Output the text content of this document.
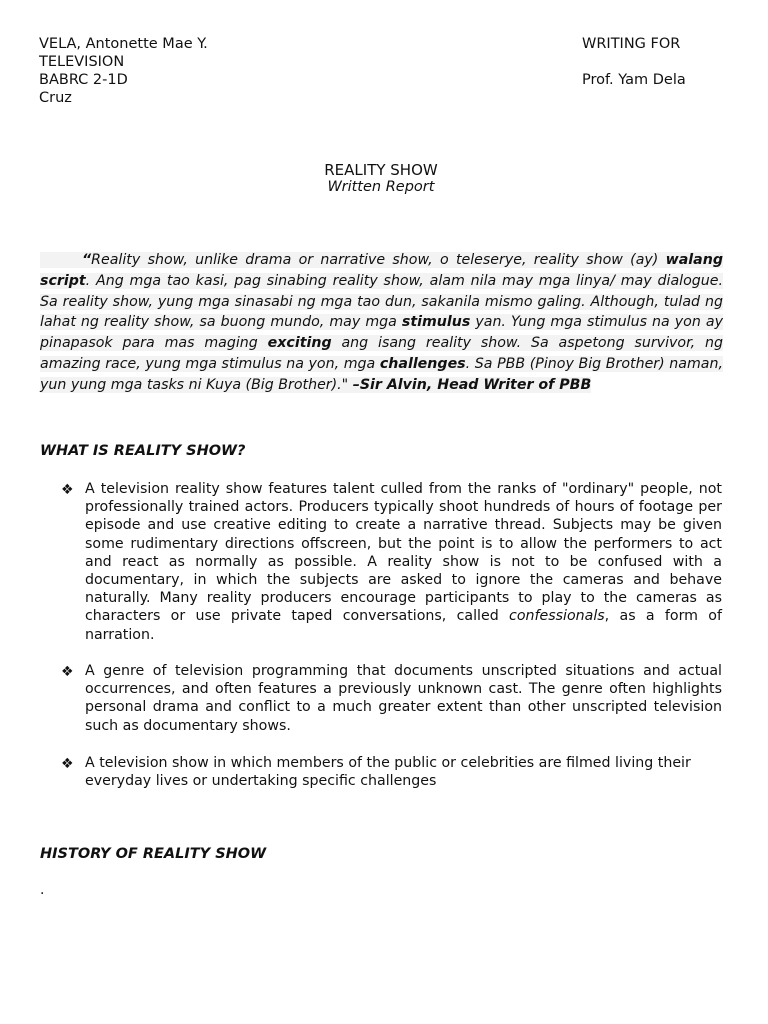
VELA, Antonette Mae Y.	WRITING FOR
TELEVISION
BABRC 2-1D	Prof. Yam Dela
Cruz
REALITY SHOW
Written Report
“Reality show, unlike drama or narrative show, o teleserye, reality show (ay) walang script. Ang mga tao kasi, pag sinabing reality show, alam nila may mga linya/ may dialogue. Sa reality show, yung mga sinasabi ng mga tao dun, sakanila mismo galing. Although, tulad ng lahat ng reality show, sa buong mundo, may mga stimulus yan. Yung mga stimulus na yon ay pinapasok para mas maging exciting ang isang reality show. Sa aspetong survivor, ng amazing race, yung mga stimulus na yon, mga challenges. Sa PBB (Pinoy Big Brother) naman, yun yung mga tasks ni Kuya (Big Brother)." –Sir Alvin, Head Writer of PBB
WHAT IS REALITY SHOW?
❖ A television reality show features talent culled from the ranks of "ordinary" people, not professionally trained actors. Producers typically shoot hundreds of hours of footage per episode and use creative editing to create a narrative thread. Subjects may be given some rudimentary directions offscreen, but the point is to allow the performers to act and react as normally as possible. A reality show is not to be confused with a documentary, in which the subjects are asked to ignore the cameras and behave naturally. Many reality producers encourage participants to play to the cameras as characters or use private taped conversations, called confessionals, as a form of narration.
❖ A genre of television programming that documents unscripted situations and actual occurrences, and often features a previously unknown cast. The genre often highlights personal drama and conflict to a much greater extent than other unscripted television such as documentary shows.
❖ A television show in which members of the public or celebrities are filmed living their everyday lives or undertaking specific challenges
HISTORY OF REALITY SHOW
.
